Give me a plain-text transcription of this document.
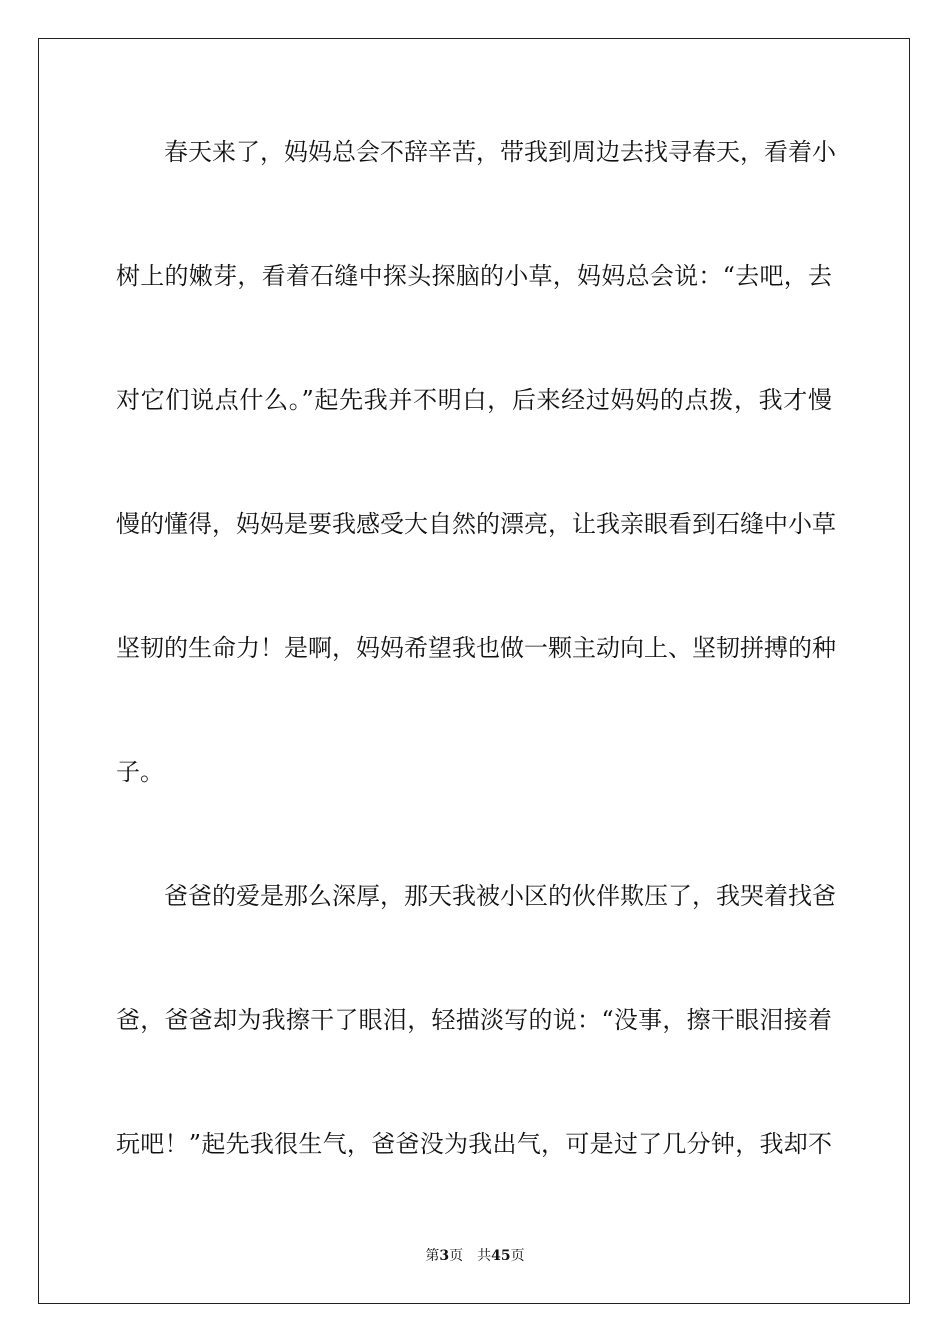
春天来了，妈妈总会不辞辛苦，带我到周边去找寻春天，看着小
树上的嫩芽，看着石缝中探头探脑的小草，妈妈总会说：“去吧，去
对它们说点什么。”起先我并不明白，后来经过妈妈的点拨，我才慢
慢的懂得，妈妈是要我感受大自然的漂亮，让我亲眼看到石缝中小草
坚韧的生命力！是啊，妈妈希望我也做一颗主动向上、坚韧拼搏的种
子。
爸爸的爱是那么深厚，那天我被小区的伙伴欺压了，我哭着找爸
爸，爸爸却为我擦干了眼泪，轻描淡写的说：“没事，擦干眼泪接着
玩吧！”起先我很生气，爸爸没为我出气，可是过了几分钟，我却不
第3页 共45页
